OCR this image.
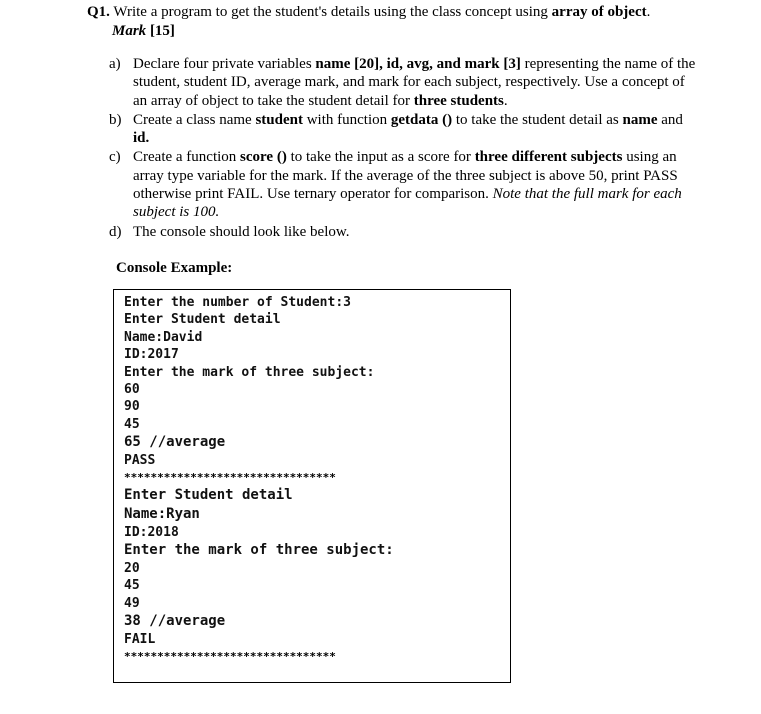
Q1. Write a program to get the student's details using the class concept using array of object.
Mark [15]
a) Declare four private variables name [20], id, avg, and mark [3] representing the name of the student, student ID, average mark, and mark for each subject, respectively. Use a concept of an array of object to take the student detail for three students.
b) Create a class name student with function getdata () to take the student detail as name and id.
c) Create a function score () to take the input as a score for three different subjects using an array type variable for the mark. If the average of the three subject is above 50, print PASS otherwise print FAIL. Use ternary operator for comparison. Note that the full mark for each subject is 100.
d) The console should look like below.
Console Example:
Enter the number of Student:3
Enter Student detail
Name:David
ID:2017
Enter the mark of three subject:
60
90
45
65 //average
PASS
********************************
Enter Student detail
Name:Ryan
ID:2018
Enter the mark of three subject:
20
45
49
38 //average
FAIL
********************************
